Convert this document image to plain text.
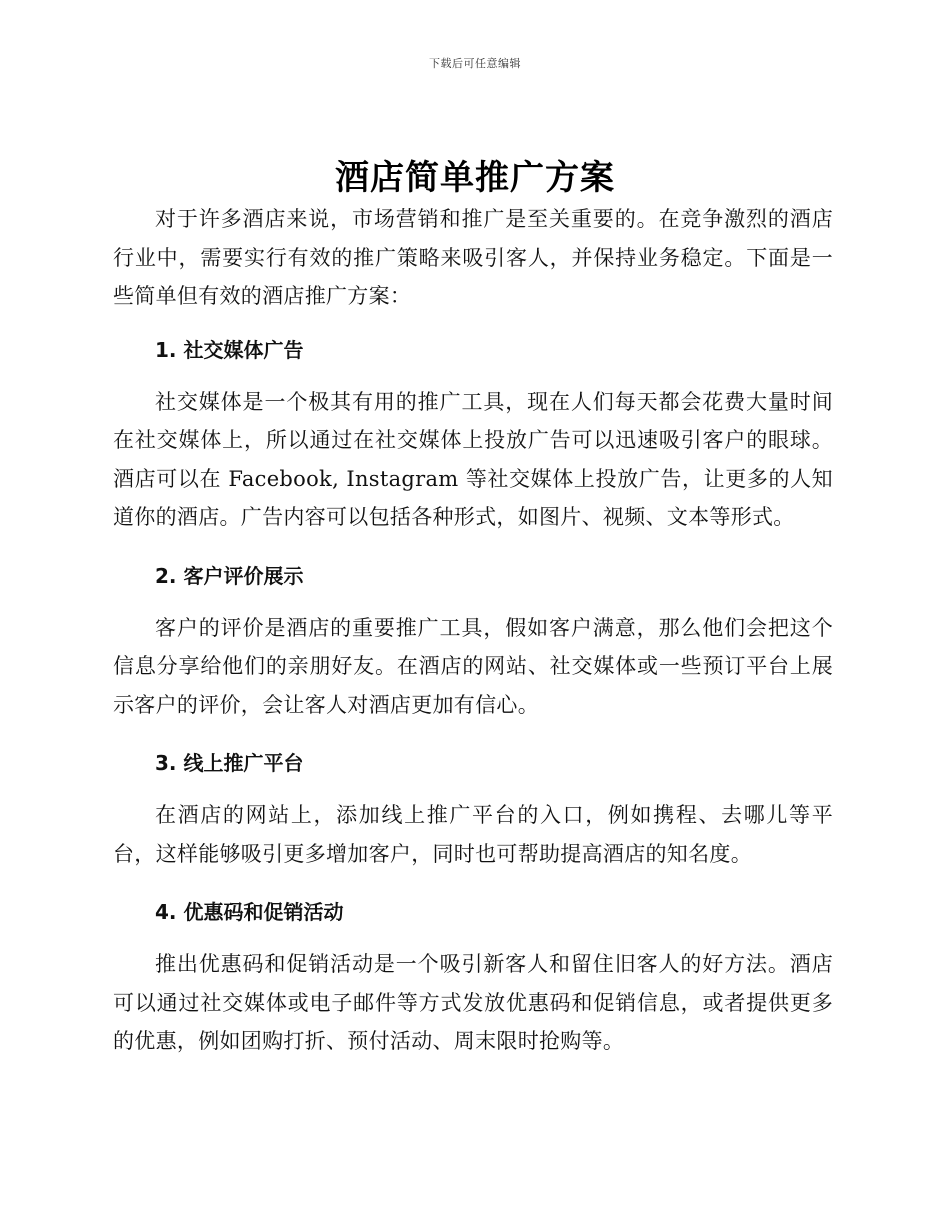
下载后可任意编辑
酒店简单推广方案

对于许多酒店来说，市场营销和推广是至关重要的。在竞争激烈的酒店行业中，需要实行有效的推广策略来吸引客人，并保持业务稳定。下面是一些简单但有效的酒店推广方案：

1. 社交媒体广告

社交媒体是一个极其有用的推广工具，现在人们每天都会花费大量时间在社交媒体上，所以通过在社交媒体上投放广告可以迅速吸引客户的眼球。酒店可以在 Facebook, Instagram 等社交媒体上投放广告，让更多的人知道你的酒店。广告内容可以包括各种形式，如图片、视频、文本等形式。

2. 客户评价展示

客户的评价是酒店的重要推广工具，假如客户满意，那么他们会把这个信息分享给他们的亲朋好友。在酒店的网站、社交媒体或一些预订平台上展示客户的评价，会让客人对酒店更加有信心。

3. 线上推广平台

在酒店的网站上，添加线上推广平台的入口，例如携程、去哪儿等平台，这样能够吸引更多增加客户，同时也可帮助提高酒店的知名度。

4. 优惠码和促销活动

推出优惠码和促销活动是一个吸引新客人和留住旧客人的好方法。酒店可以通过社交媒体或电子邮件等方式发放优惠码和促销信息，或者提供更多的优惠，例如团购打折、预付活动、周末限时抢购等。
